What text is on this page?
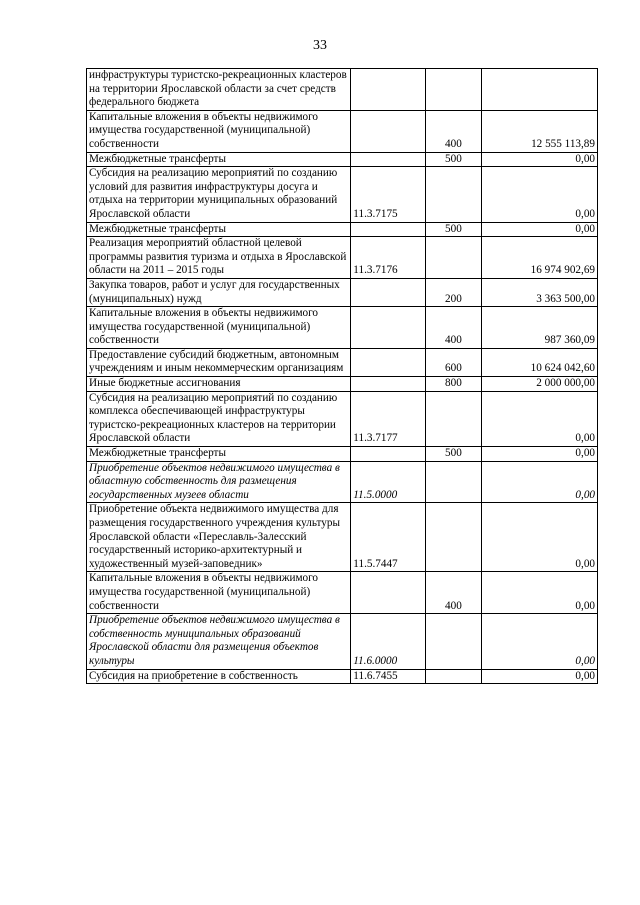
33
инфраструктуры туристско-рекреационных кластеров на территории Ярославской области за счет средств федерального бюджета				
Капитальные вложения в объекты недвижимого имущества государственной (муниципальной) собственности		400		12 555 113,89
Межбюджетные трансферты		500		0,00
Субсидия на реализацию мероприятий по созданию условий для развития инфраструктуры досуга и отдыха на территории муниципальных образований Ярославской области	11.3.7175			0,00
Межбюджетные трансферты		500		0,00
Реализация мероприятий областной целевой программы развития туризма и отдыха в Ярославской области на 2011 – 2015 годы	11.3.7176			16 974 902,69
Закупка товаров, работ и услуг для государственных (муниципальных) нужд		200		3 363 500,00
Капитальные вложения в объекты недвижимого имущества государственной (муниципальной) собственности		400		987 360,09
Предоставление субсидий бюджетным, автономным учреждениям и иным некоммерческим организациям		600		10 624 042,60
Иные бюджетные ассигнования		800		2 000 000,00
Субсидия на реализацию мероприятий по созданию комплекса обеспечивающей инфраструктуры туристско-рекреационных кластеров на территории Ярославской области	11.3.7177			0,00
Межбюджетные трансферты		500		0,00
Приобретение объектов недвижимого имущества в областную собственность для размещения государственных музеев области	11.5.0000			0,00
Приобретение объекта недвижимого имущества для размещения государственного учреждения культуры Ярославской области «Переславль-Залесский государственный историко-архитектурный и художественный музей-заповедник»	11.5.7447			0,00
Капитальные вложения в объекты недвижимого имущества государственной (муниципальной) собственности		400		0,00
Приобретение объектов недвижимого имущества в собственность муниципальных образований Ярославской области для размещения объектов культуры	11.6.0000			0,00
Субсидия на приобретение в собственность	11.6.7455			0,00
